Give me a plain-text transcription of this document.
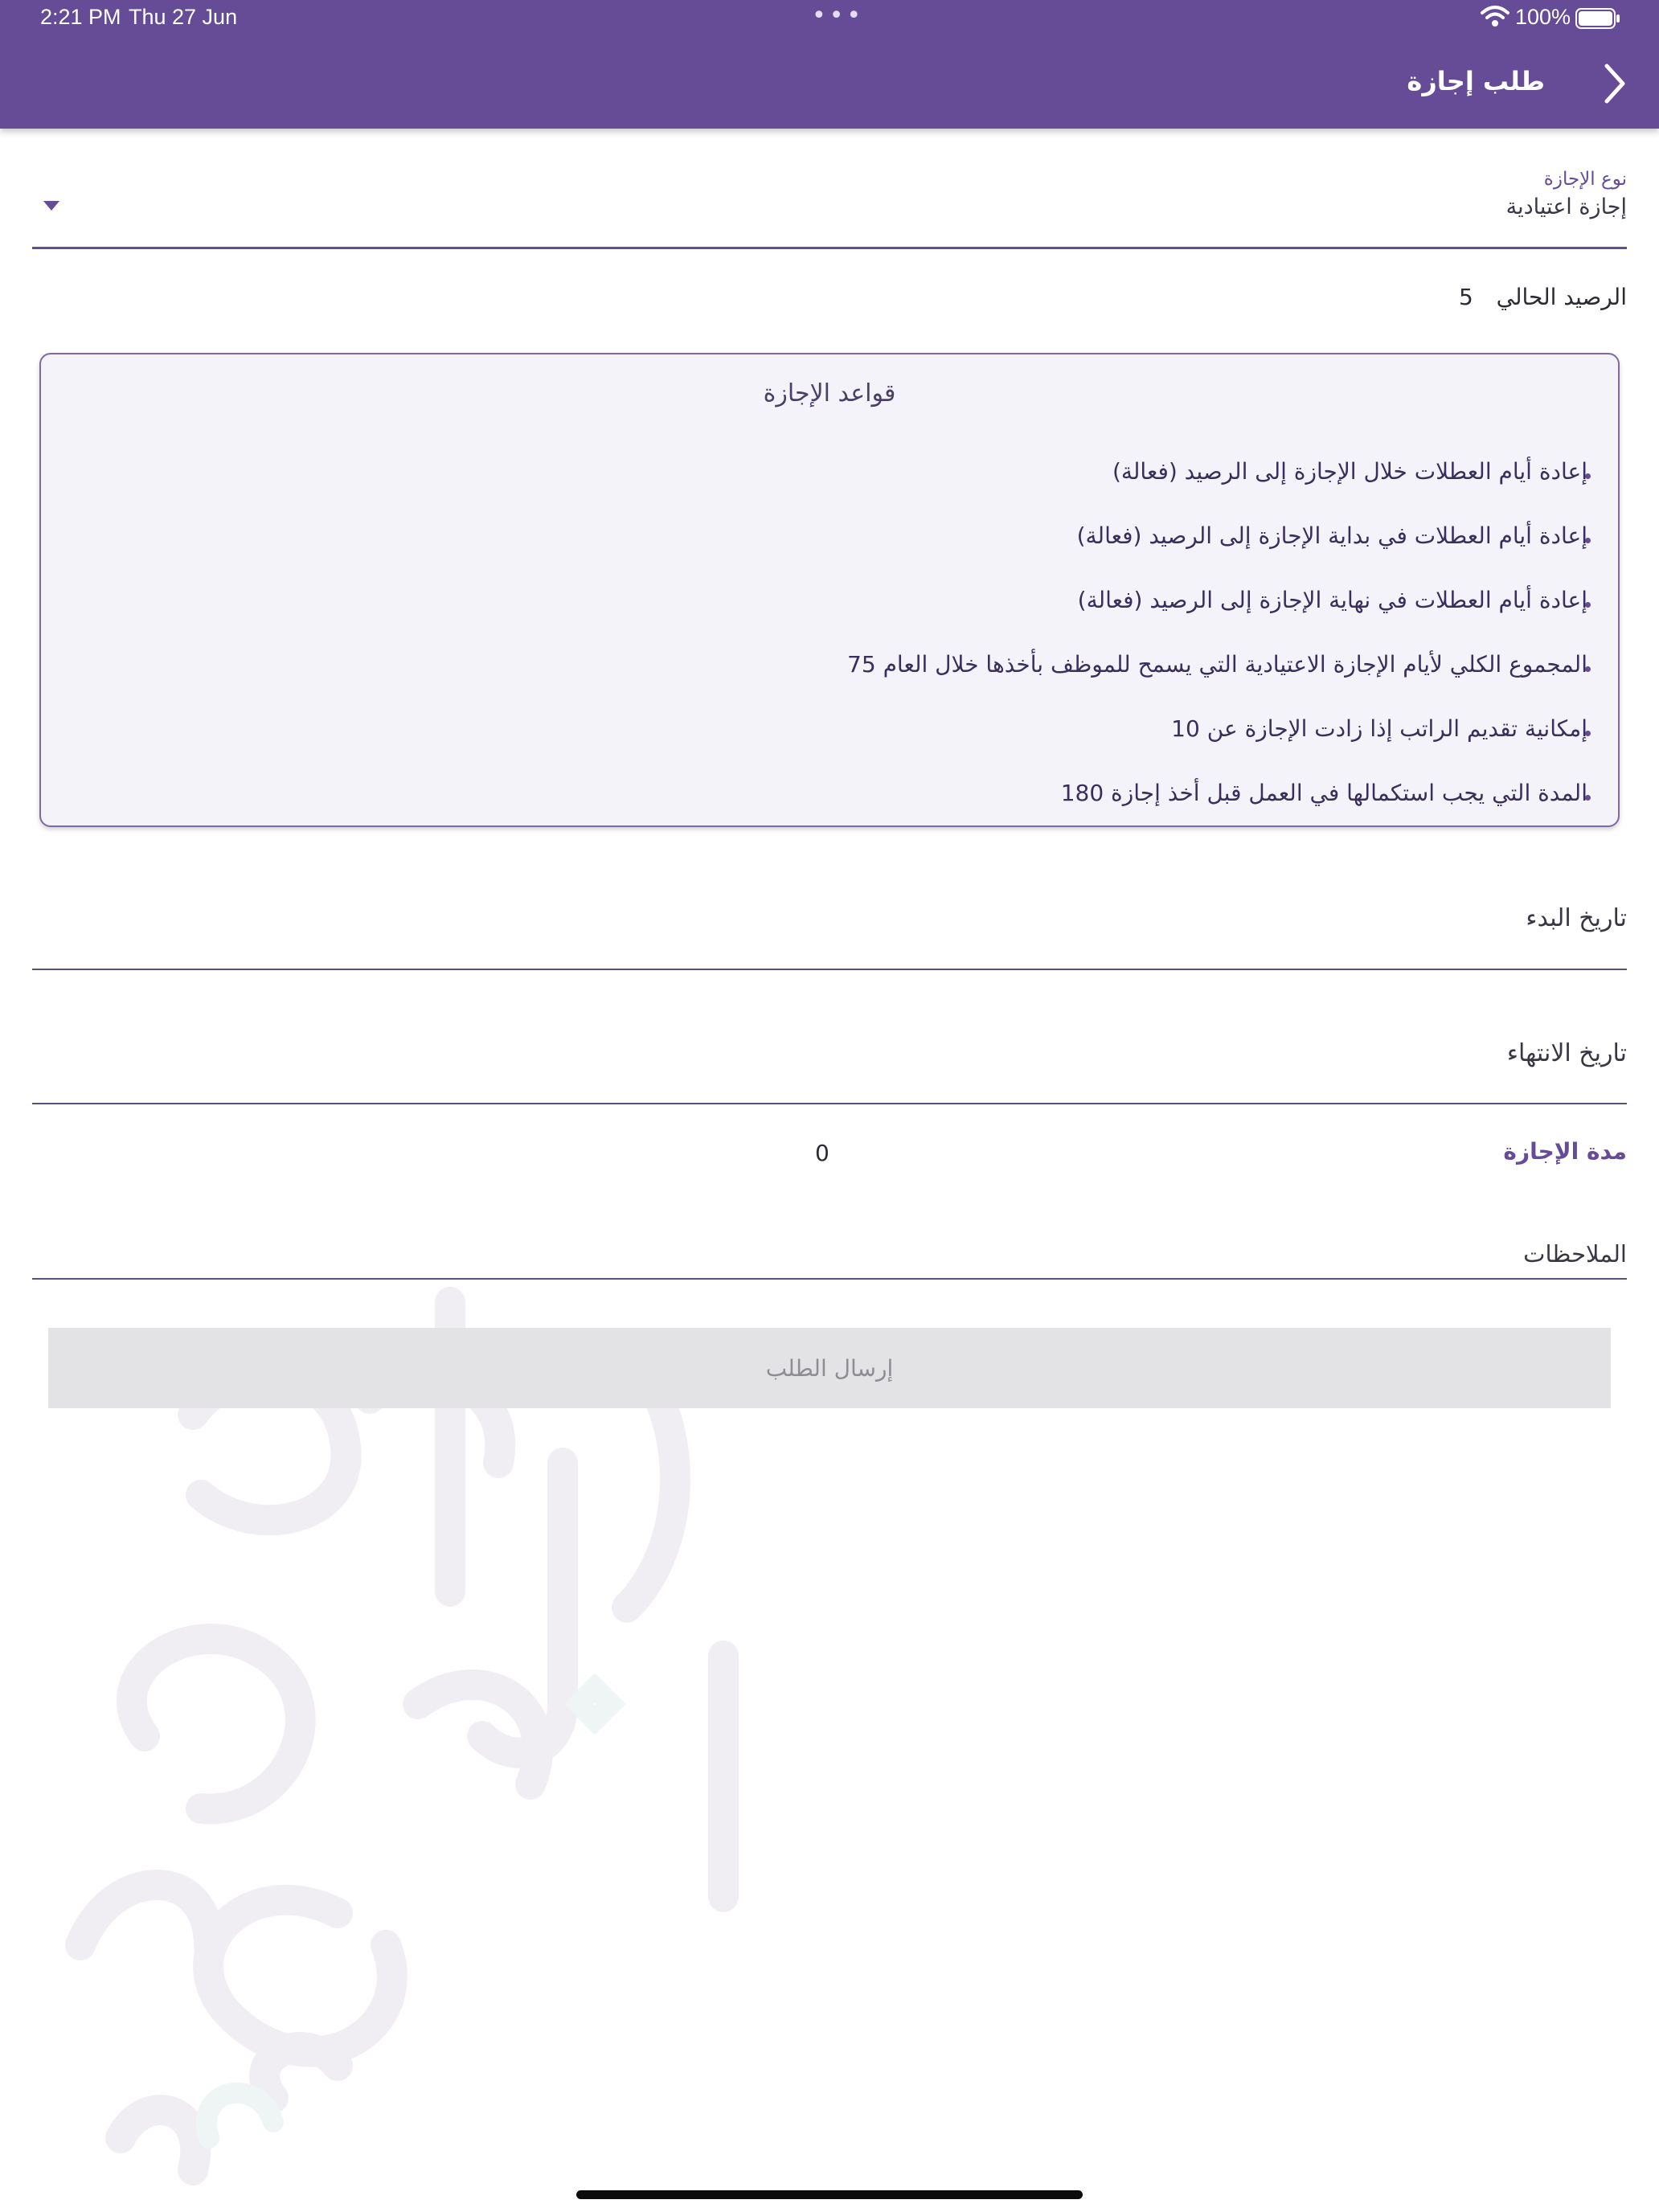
2:21 PM Thu 27 Jun	•••	100%
طلب إجازة
نوع الإجازة
إجازة اعتيادية
الرصيد الحالي
5
قواعد الإجازة
إعادة أيام العطلات خلال الإجازة إلى الرصيد (فعالة)
إعادة أيام العطلات في بداية الإجازة إلى الرصيد (فعالة)
إعادة أيام العطلات في نهاية الإجازة إلى الرصيد (فعالة)
المجموع الكلي لأيام الإجازة الاعتيادية التي يسمح للموظف بأخذها خلال العام 75
إمكانية تقديم الراتب إذا زادت الإجازة عن 10
المدة التي يجب استكمالها في العمل قبل أخذ إجازة 180
تاريخ البدء
تاريخ الانتهاء
مدة الإجازة
0
الملاحظات
إرسال الطلب
